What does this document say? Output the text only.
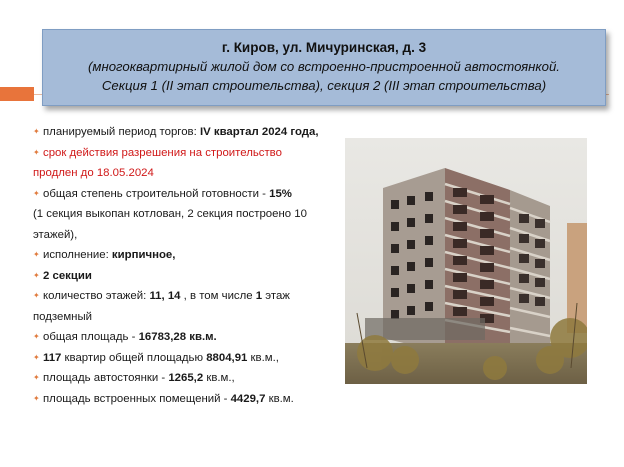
г. Киров, ул. Мичуринская, д. 3
(многоквартирный жилой дом со встроенно-пристроенной автостоянкой.
Секция 1 (II этап строительства), секция 2 (III этап строительства)
✦ планируемый период торгов: IV квартал 2024 года,
✦ срок действия разрешения на строительство
продлен до 18.05.2024
✦ общая степень строительной готовности - 15%
(1 секция выкопан котлован, 2 секция построено 10
этажей),
✦ исполнение: кирпичное,
✦ 2 секции
✦ количество этажей: 11, 14 , в том числе 1 этаж
подземный
✦ общая площадь - 16783,28 кв.м.
✦ 117 квартир общей площадью 8804,91 кв.м.,
✦ площадь автостоянки - 1265,2 кв.м.,
✦ площадь встроенных помещений - 4429,7 кв.м.
